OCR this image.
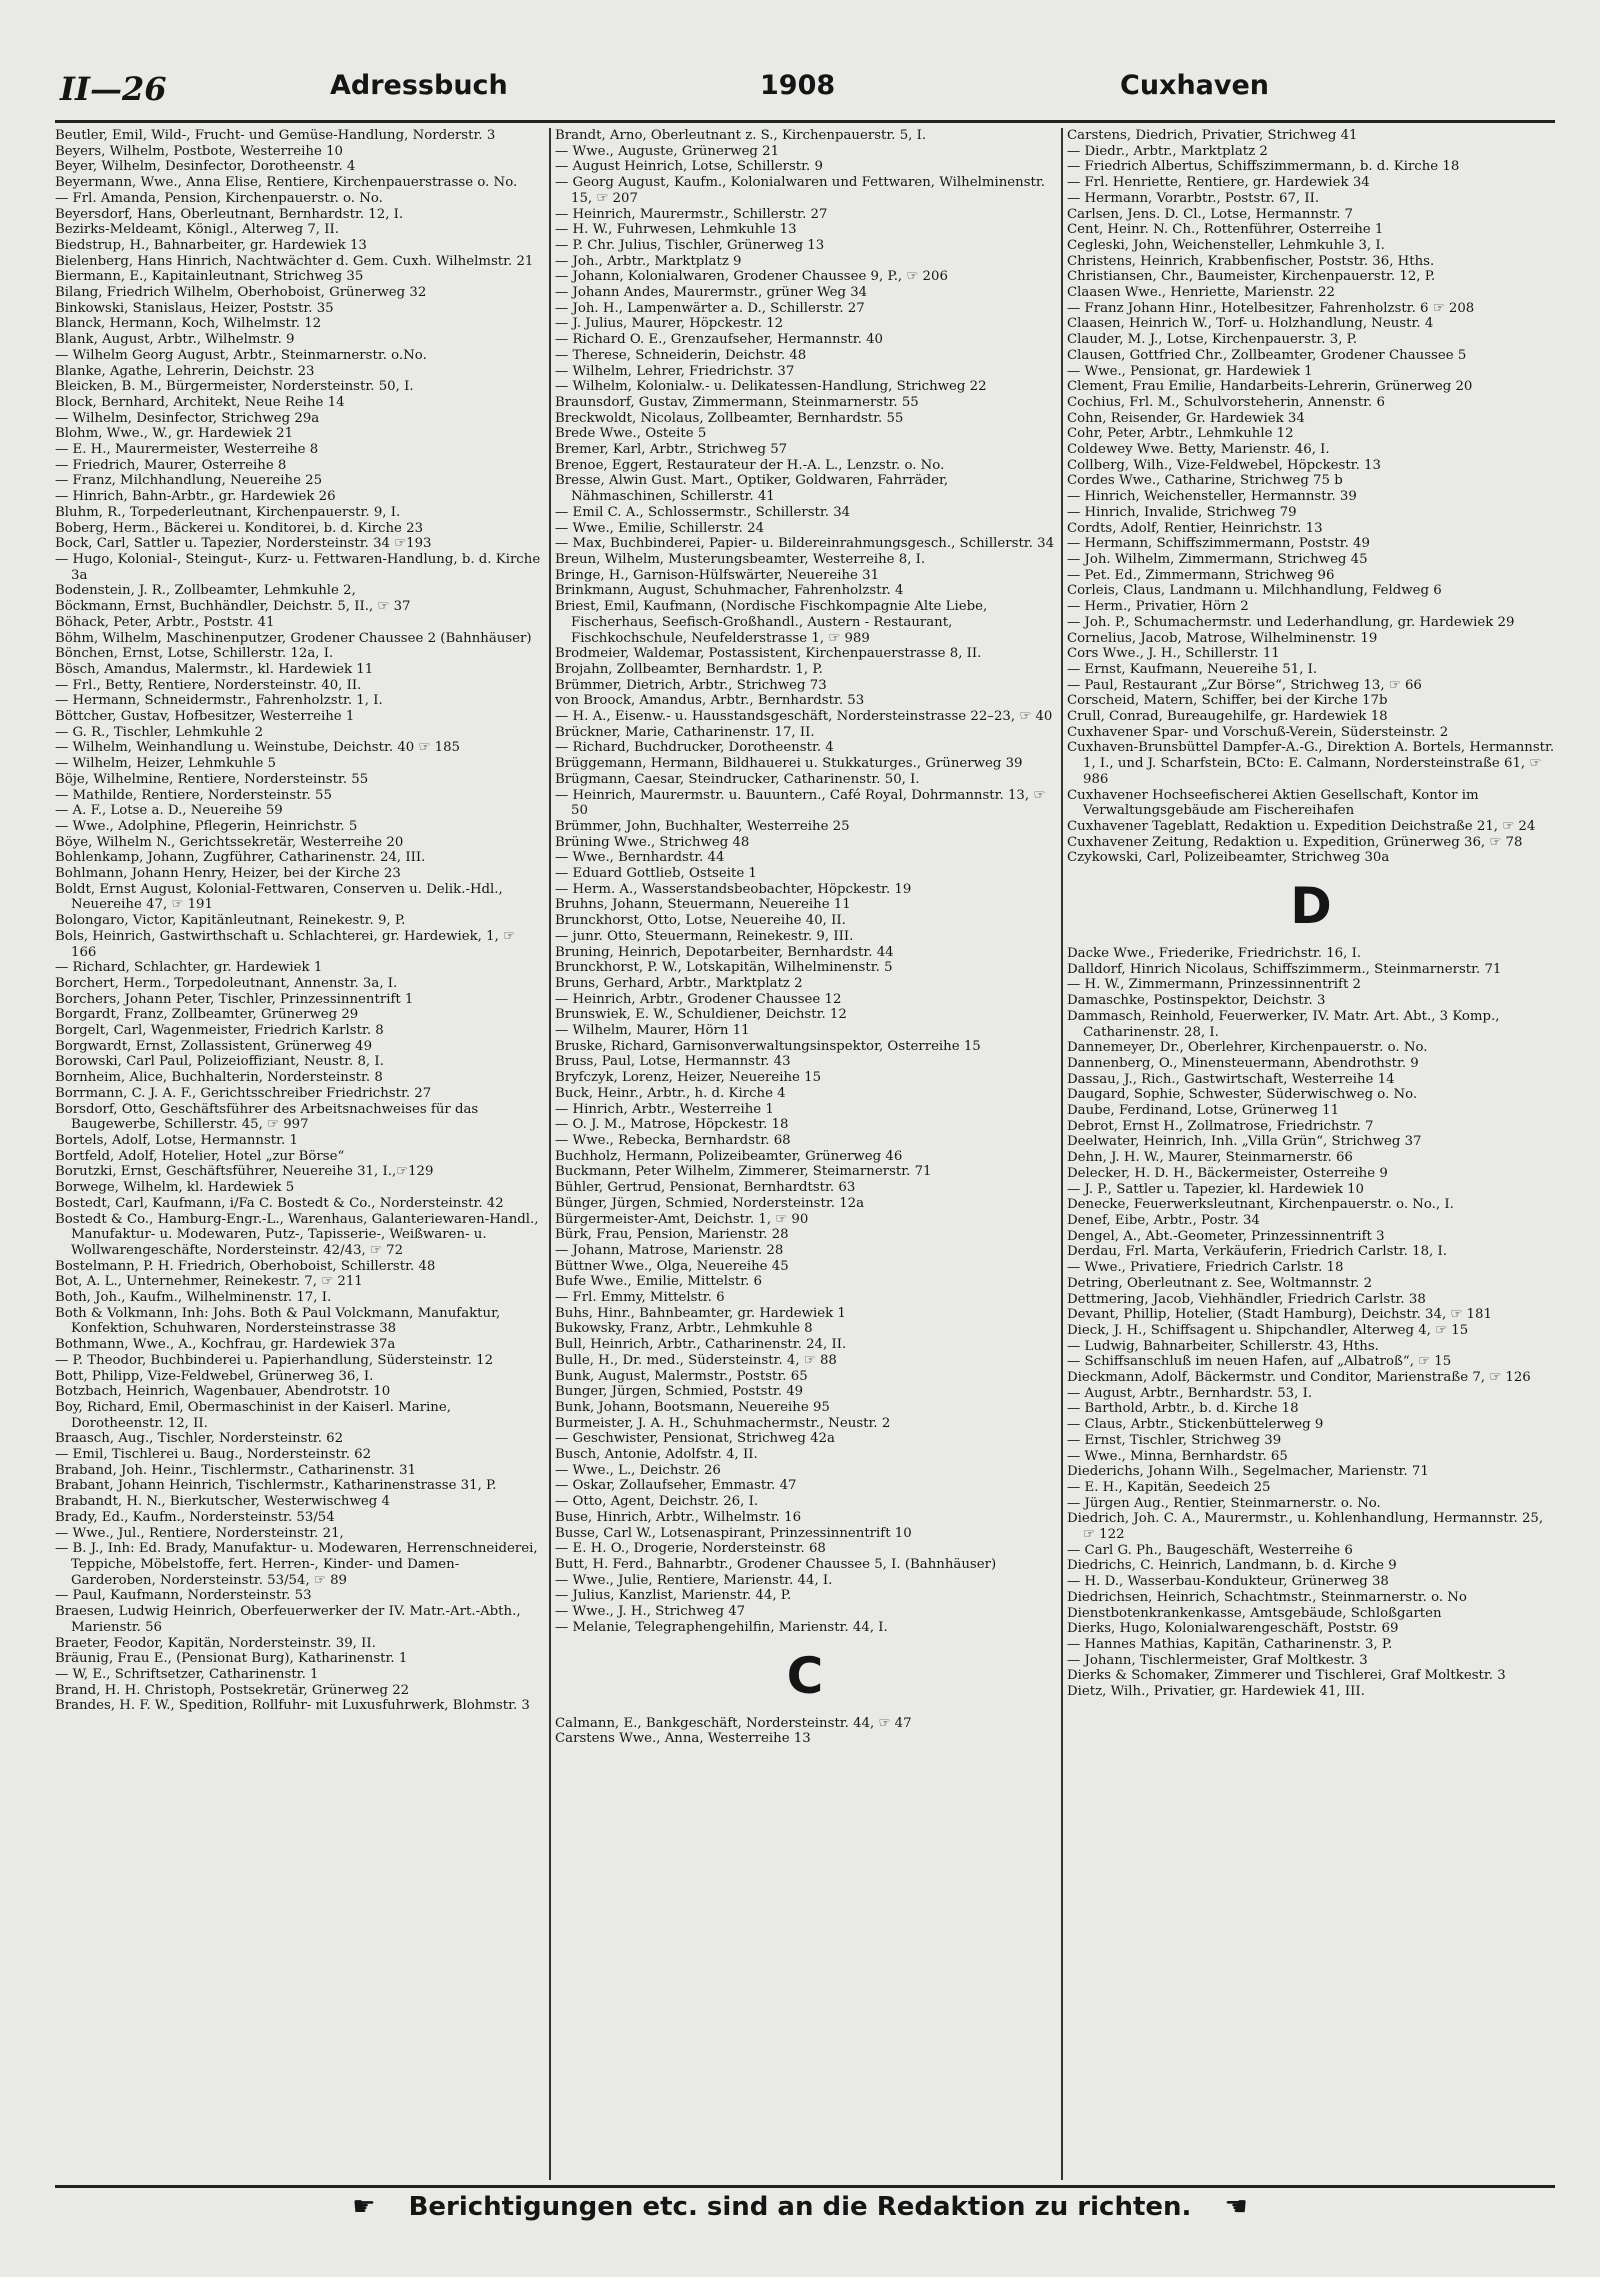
II—26	Adressbuch	1908	Cuxhaven

Beutler, Emil, Wild-, Frucht- und Gemüse-Handlung, Norderstr. 3

Beyers, Wilhelm, Postbote, Westerreihe 10

Beyer, Wilhelm, Desinfector, Dorotheenstr. 4

Beyermann, Wwe., Anna Elise, Rentiere, Kirchenpauerstrasse o. No.

— Frl. Amanda, Pension, Kirchenpauerstr. o. No.

Beyersdorf, Hans, Oberleutnant, Bernhardstr. 12, I.

Bezirks-Meldeamt, Königl., Alterweg 7, II.

Biedstrup, H., Bahnarbeiter, gr. Hardewiek 13

Bielenberg, Hans Hinrich, Nachtwächter d. Gem. Cuxh. Wilhelmstr. 21

Biermann, E., Kapitainleutnant, Strichweg 35

Bilang, Friedrich Wilhelm, Oberhoboist, Grünerweg 32

Binkowski, Stanislaus, Heizer, Poststr. 35

Blanck, Hermann, Koch, Wilhelmstr. 12

Blank, August, Arbtr., Wilhelmstr. 9

— Wilhelm Georg August, Arbtr., Steinmarnerstr. o.No.

Blanke, Agathe, Lehrerin, Deichstr. 23

Bleicken, B. M., Bürgermeister, Nordersteinstr. 50, I.

Block, Bernhard, Architekt, Neue Reihe 14

— Wilhelm, Desinfector, Strichweg 29a

Blohm, Wwe., W., gr. Hardewiek 21

— E. H., Maurermeister, Westerreihe 8

— Friedrich, Maurer, Osterreihe 8

— Franz, Milchhandlung, Neuereihe 25

— Hinrich, Bahn-Arbtr., gr. Hardewiek 26

Bluhm, R., Torpederleutnant, Kirchenpauerstr. 9, I.

Boberg, Herm., Bäckerei u. Konditorei, b. d. Kirche 23

Bock, Carl, Sattler u. Tapezier, Nordersteinstr. 34 ☞193

— Hugo, Kolonial-, Steingut-, Kurz- u. Fettwaren-Handlung, b. d. Kirche 3a

Bodenstein, J. R., Zollbeamter, Lehmkuhle 2,

Böckmann, Ernst, Buchhändler, Deichstr. 5, II., ☞ 37

Böhack, Peter, Arbtr., Poststr. 41

Böhm, Wilhelm, Maschinenputzer, Grodener Chaussee 2 (Bahnhäuser)

Bönchen, Ernst, Lotse, Schillerstr. 12a, I.

Bösch, Amandus, Malermstr., kl. Hardewiek 11

— Frl., Betty, Rentiere, Nordersteinstr. 40, II.

— Hermann, Schneidermstr., Fahrenholzstr. 1, I.

Böttcher, Gustav, Hofbesitzer, Westerreihe 1

— G. R., Tischler, Lehmkuhle 2

— Wilhelm, Weinhandlung u. Weinstube, Deichstr. 40 ☞ 185

— Wilhelm, Heizer, Lehmkuhle 5

Böje, Wilhelmine, Rentiere, Nordersteinstr. 55

— Mathilde, Rentiere, Nordersteinstr. 55

— A. F., Lotse a. D., Neuereihe 59

— Wwe., Adolphine, Pflegerin, Heinrichstr. 5

Böye, Wilhelm N., Gerichtssekretär, Westerreihe 20

Bohlenkamp, Johann, Zugführer, Catharinenstr. 24, III.

Bohlmann, Johann Henry, Heizer, bei der Kirche 23

Boldt, Ernst August, Kolonial-Fettwaren, Conserven u. Delik.-Hdl., Neuereihe 47, ☞ 191

Bolongaro, Victor, Kapitänleutnant, Reinekestr. 9, P.

Bols, Heinrich, Gastwirthschaft u. Schlachterei, gr. Hardewiek, 1, ☞ 166

— Richard, Schlachter, gr. Hardewiek 1

Borchert, Herm., Torpedoleutnant, Annenstr. 3a, I.

Borchers, Johann Peter, Tischler, Prinzessinnentrift 1

Borgardt, Franz, Zollbeamter, Grünerweg 29

Borgelt, Carl, Wagenmeister, Friedrich Karlstr. 8

Borgwardt, Ernst, Zollassistent, Grünerweg 49

Borowski, Carl Paul, Polizeioffiziant, Neustr. 8, I.

Bornheim, Alice, Buchhalterin, Nordersteinstr. 8

Borrmann, C. J. A. F., Gerichtsschreiber Friedrichstr. 27

Borsdorf, Otto, Geschäftsführer des Arbeitsnachweises für das Baugewerbe, Schillerstr. 45, ☞ 997

Bortels, Adolf, Lotse, Hermannstr. 1

Bortfeld, Adolf, Hotelier, Hotel „zur Börse“

Borutzki, Ernst, Geschäftsführer, Neuereihe 31, I.,☞129

Borwege, Wilhelm, kl. Hardewiek 5

Bostedt, Carl, Kaufmann, i/Fa C. Bostedt & Co., Nordersteinstr. 42

Bostedt & Co., Hamburg-Engr.-L., Warenhaus, Galanteriewaren-Handl., Manufaktur- u. Modewaren, Putz-, Tapisserie-, Weißwaren- u. Wollwarengeschäfte, Nordersteinstr. 42/43, ☞ 72

Bostelmann, P. H. Friedrich, Oberhoboist, Schillerstr. 48

Bot, A. L., Unternehmer, Reinekestr. 7, ☞ 211

Both, Joh., Kaufm., Wilhelminenstr. 17, I.

Both & Volkmann, Inh: Johs. Both & Paul Volckmann, Manufaktur, Konfektion, Schuhwaren, Nordersteinstrasse 38

Bothmann, Wwe., A., Kochfrau, gr. Hardewiek 37a

— P. Theodor, Buchbinderei u. Papierhandlung, Südersteinstr. 12

Bott, Philipp, Vize-Feldwebel, Grünerweg 36, I.

Botzbach, Heinrich, Wagenbauer, Abendrotstr. 10

Boy, Richard, Emil, Obermaschinist in der Kaiserl. Marine, Dorotheenstr. 12, II.

Braasch, Aug., Tischler, Nordersteinstr. 62

— Emil, Tischlerei u. Baug., Nordersteinstr. 62

Braband, Joh. Heinr., Tischlermstr., Catharinenstr. 31

Brabant, Johann Heinrich, Tischlermstr., Katharinenstrasse 31, P.

Brabandt, H. N., Bierkutscher, Westerwischweg 4

Brady, Ed., Kaufm., Nordersteinstr. 53/54

— Wwe., Jul., Rentiere, Nordersteinstr. 21,

— B. J., Inh: Ed. Brady, Manufaktur- u. Modewaren, Herrenschneiderei, Teppiche, Möbelstoffe, fert. Herren-, Kinder- und Damen-Garderoben, Nordersteinstr. 53/54, ☞ 89

— Paul, Kaufmann, Nordersteinstr. 53

Braesen, Ludwig Heinrich, Oberfeuerwerker der IV. Matr.-Art.-Abth., Marienstr. 56

Braeter, Feodor, Kapitän, Nordersteinstr. 39, II.

Bräunig, Frau E., (Pensionat Burg), Katharinenstr. 1

— W, E., Schriftsetzer, Catharinenstr. 1

Brand, H. H. Christoph, Postsekretär, Grünerweg 22

Brandes, H. F. W., Spedition, Rollfuhr- mit Luxusfuhrwerk, Blohmstr. 3

Brandt, Arno, Oberleutnant z. S., Kirchenpauerstr. 5, I.

— Wwe., Auguste, Grünerweg 21

— August Heinrich, Lotse, Schillerstr. 9

— Georg August, Kaufm., Kolonialwaren und Fettwaren, Wilhelminenstr. 15, ☞ 207

— Heinrich, Maurermstr., Schillerstr. 27

— H. W., Fuhrwesen, Lehmkuhle 13

— P. Chr. Julius, Tischler, Grünerweg 13

— Joh., Arbtr., Marktplatz 9

— Johann, Kolonialwaren, Grodener Chaussee 9, P., ☞ 206

— Johann Andes, Maurermstr., grüner Weg 34

— Joh. H., Lampenwärter a. D., Schillerstr. 27

— J. Julius, Maurer, Höpckestr. 12

— Richard O. E., Grenzaufseher, Hermannstr. 40

— Therese, Schneiderin, Deichstr. 48

— Wilhelm, Lehrer, Friedrichstr. 37

— Wilhelm, Kolonialw.- u. Delikatessen-Handlung, Strichweg 22

Braunsdorf, Gustav, Zimmermann, Steinmarnerstr. 55

Breckwoldt, Nicolaus, Zollbeamter, Bernhardstr. 55

Brede Wwe., Osteite 5

Bremer, Karl, Arbtr., Strichweg 57

Brenoe, Eggert, Restaurateur der H.-A. L., Lenzstr. o. No.

Bresse, Alwin Gust. Mart., Optiker, Goldwaren, Fahrräder, Nähmaschinen, Schillerstr. 41

— Emil C. A., Schlossermstr., Schillerstr. 34

— Wwe., Emilie, Schillerstr. 24

— Max, Buchbinderei, Papier- u. Bildereinrahmungsgesch., Schillerstr. 34

Breun, Wilhelm, Musterungsbeamter, Westerreihe 8, I.

Bringe, H., Garnison-Hülfswärter, Neuereihe 31

Brinkmann, August, Schuhmacher, Fahrenholzstr. 4

Briest, Emil, Kaufmann, (Nordische Fischkompagnie Alte Liebe, Fischerhaus, Seefisch-Großhandl., Austern - Restaurant, Fischkochschule, Neufelderstrasse 1, ☞ 989

Brodmeier, Waldemar, Postassistent, Kirchenpauerstrasse 8, II.

Brojahn, Zollbeamter, Bernhardstr. 1, P.

Brümmer, Dietrich, Arbtr., Strichweg 73

von Broock, Amandus, Arbtr., Bernhardstr. 53

— H. A., Eisenw.- u. Hausstandsgeschäft, Nordersteinstrasse 22–23, ☞ 40

Brückner, Marie, Catharinenstr. 17, II.

— Richard, Buchdrucker, Dorotheenstr. 4

Brüggemann, Hermann, Bildhauerei u. Stukkaturges., Grünerweg 39

Brügmann, Caesar, Steindrucker, Catharinenstr. 50, I.

— Heinrich, Maurermstr. u. Bauuntern., Café Royal, Dohrmannstr. 13, ☞ 50

Brümmer, John, Buchhalter, Westerreihe 25

Brüning Wwe., Strichweg 48

— Wwe., Bernhardstr. 44

— Eduard Gottlieb, Ostseite 1

— Herm. A., Wasserstandsbeobachter, Höpckestr. 19

Bruhns, Johann, Steuermann, Neuereihe 11

Brunckhorst, Otto, Lotse, Neuereihe 40, II.

— junr. Otto, Steuermann, Reinekestr. 9, III.

Bruning, Heinrich, Depotarbeiter, Bernhardstr. 44

Brunckhorst, P. W., Lotskapitän, Wilhelminenstr. 5

Bruns, Gerhard, Arbtr., Marktplatz 2

— Heinrich, Arbtr., Grodener Chaussee 12

Brunswiek, E. W., Schuldiener, Deichstr. 12

— Wilhelm, Maurer, Hörn 11

Bruske, Richard, Garnisonverwaltungsinspektor, Osterreihe 15

Bruss, Paul, Lotse, Hermannstr. 43

Bryfczyk, Lorenz, Heizer, Neuereihe 15

Buck, Heinr., Arbtr., h. d. Kirche 4

— Hinrich, Arbtr., Westerreihe 1

— O. J. M., Matrose, Höpckestr. 18

— Wwe., Rebecka, Bernhardstr. 68

Buchholz, Hermann, Polizeibeamter, Grünerweg 46

Buckmann, Peter Wilhelm, Zimmerer, Steimarnerstr. 71

Bühler, Gertrud, Pensionat, Bernhardtstr. 63

Bünger, Jürgen, Schmied, Nordersteinstr. 12a

Bürgermeister-Amt, Deichstr. 1, ☞ 90

Bürk, Frau, Pension, Marienstr. 28

— Johann, Matrose, Marienstr. 28

Büttner Wwe., Olga, Neuereihe 45

Bufe Wwe., Emilie, Mittelstr. 6

— Frl. Emmy, Mittelstr. 6

Buhs, Hinr., Bahnbeamter, gr. Hardewiek 1

Bukowsky, Franz, Arbtr., Lehmkuhle 8

Bull, Heinrich, Arbtr., Catharinenstr. 24, II.

Bulle, H., Dr. med., Südersteinstr. 4, ☞ 88

Bunk, August, Malermstr., Poststr. 65

Bunger, Jürgen, Schmied, Poststr. 49

Bunk, Johann, Bootsmann, Neuereihe 95

Burmeister, J. A. H., Schuhmachermstr., Neustr. 2

— Geschwister, Pensionat, Strichweg 42a

Busch, Antonie, Adolfstr. 4, II.

— Wwe., L., Deichstr. 26

— Oskar, Zollaufseher, Emmastr. 47

— Otto, Agent, Deichstr. 26, I.

Buse, Hinrich, Arbtr., Wilhelmstr. 16

Busse, Carl W., Lotsenaspirant, Prinzessinnentrift 10

— E. H. O., Drogerie, Nordersteinstr. 68

Butt, H. Ferd., Bahnarbtr., Grodener Chaussee 5, I. (Bahnhäuser)

— Wwe., Julie, Rentiere, Marienstr. 44, I.

— Julius, Kanzlist, Marienstr. 44, P.

— Wwe., J. H., Strichweg 47

— Melanie, Telegraphengehilfin, Marienstr. 44, I.

C

Calmann, E., Bankgeschäft, Nordersteinstr. 44, ☞ 47

Carstens Wwe., Anna, Westerreihe 13

Carstens, Diedrich, Privatier, Strichweg 41

— Diedr., Arbtr., Marktplatz 2

— Friedrich Albertus, Schiffszimmermann, b. d. Kirche 18

— Frl. Henriette, Rentiere, gr. Hardewiek 34

— Hermann, Vorarbtr., Poststr. 67, II.

Carlsen, Jens. D. Cl., Lotse, Hermannstr. 7

Cent, Heinr. N. Ch., Rottenführer, Osterreihe 1

Cegleski, John, Weichensteller, Lehmkuhle 3, I.

Christens, Heinrich, Krabbenfischer, Poststr. 36, Hths.

Christiansen, Chr., Baumeister, Kirchenpauerstr. 12, P.

Claasen Wwe., Henriette, Marienstr. 22

— Franz Johann Hinr., Hotelbesitzer, Fahrenholzstr. 6 ☞ 208

Claasen, Heinrich W., Torf- u. Holzhandlung, Neustr. 4

Clauder, M. J., Lotse, Kirchenpauerstr. 3, P.

Clausen, Gottfried Chr., Zollbeamter, Grodener Chaussee 5

— Wwe., Pensionat, gr. Hardewiek 1

Clement, Frau Emilie, Handarbeits-Lehrerin, Grünerweg 20

Cochius, Frl. M., Schulvorsteherin, Annenstr. 6

Cohn, Reisender, Gr. Hardewiek 34

Cohr, Peter, Arbtr., Lehmkuhle 12

Coldewey Wwe. Betty, Marienstr. 46, I.

Collberg, Wilh., Vize-Feldwebel, Höpckestr. 13

Cordes Wwe., Catharine, Strichweg 75 b

— Hinrich, Weichensteller, Hermannstr. 39

— Hinrich, Invalide, Strichweg 79

Cordts, Adolf, Rentier, Heinrichstr. 13

— Hermann, Schiffszimmermann, Poststr. 49

— Joh. Wilhelm, Zimmermann, Strichweg 45

— Pet. Ed., Zimmermann, Strichweg 96

Corleis, Claus, Landmann u. Milchhandlung, Feldweg 6

— Herm., Privatier, Hörn 2

— Joh. P., Schumachermstr. und Lederhandlung, gr. Hardewiek 29

Cornelius, Jacob, Matrose, Wilhelminenstr. 19

Cors Wwe., J. H., Schillerstr. 11

— Ernst, Kaufmann, Neuereihe 51, I.

— Paul, Restaurant „Zur Börse“, Strichweg 13, ☞ 66

Corscheid, Matern, Schiffer, bei der Kirche 17b

Crull, Conrad, Bureaugehilfe, gr. Hardewiek 18

Cuxhavener Spar- und Vorschuß-Verein, Südersteinstr. 2

Cuxhaven-Brunsbüttel Dampfer-A.-G., Direktion A. Bortels, Hermannstr. 1, I., und J. Scharfstein, BCto: E. Calmann, Nordersteinstraße 61, ☞ 986

Cuxhavener Hochseefischerei Aktien Gesellschaft, Kontor im Verwaltungsgebäude am Fischereihafen

Cuxhavener Tageblatt, Redaktion u. Expedition Deichstraße 21, ☞ 24

Cuxhavener Zeitung, Redaktion u. Expedition, Grünerweg 36, ☞ 78

Czykowski, Carl, Polizeibeamter, Strichweg 30a

D

Dacke Wwe., Friederike, Friedrichstr. 16, I.

Dalldorf, Hinrich Nicolaus, Schiffszimmerm., Steinmarnerstr. 71

— H. W., Zimmermann, Prinzessinnentrift 2

Damaschke, Postinspektor, Deichstr. 3

Dammasch, Reinhold, Feuerwerker, IV. Matr. Art. Abt., 3 Komp., Catharinenstr. 28, I.

Dannemeyer, Dr., Oberlehrer, Kirchenpauerstr. o. No.

Dannenberg, O., Minensteuermann, Abendrothstr. 9

Dassau, J., Rich., Gastwirtschaft, Westerreihe 14

Daugard, Sophie, Schwester, Süderwischweg o. No.

Daube, Ferdinand, Lotse, Grünerweg 11

Debrot, Ernst H., Zollmatrose, Friedrichstr. 7

Deelwater, Heinrich, Inh. „Villa Grün“, Strichweg 37

Dehn, J. H. W., Maurer, Steinmarnerstr. 66

Delecker, H. D. H., Bäckermeister, Osterreihe 9

— J. P., Sattler u. Tapezier, kl. Hardewiek 10

Denecke, Feuerwerksleutnant, Kirchenpauerstr. o. No., I.

Denef, Eibe, Arbtr., Postr. 34

Dengel, A., Abt.-Geometer, Prinzessinnentrift 3

Derdau, Frl. Marta, Verkäuferin, Friedrich Carlstr. 18, I.

— Wwe., Privatiere, Friedrich Carlstr. 18

Detring, Oberleutnant z. See, Woltmannstr. 2

Dettmering, Jacob, Viehhändler, Friedrich Carlstr. 38

Devant, Phillip, Hotelier, (Stadt Hamburg), Deichstr. 34, ☞ 181

Dieck, J. H., Schiffsagent u. Shipchandler, Alterweg 4, ☞ 15

— Ludwig, Bahnarbeiter, Schillerstr. 43, Hths.

— Schiffsanschluß im neuen Hafen, auf „Albatroß“, ☞ 15

Dieckmann, Adolf, Bäckermstr. und Conditor, Marienstraße 7, ☞ 126

— August, Arbtr., Bernhardstr. 53, I.

— Barthold, Arbtr., b. d. Kirche 18

— Claus, Arbtr., Stickenbüttelerweg 9

— Ernst, Tischler, Strichweg 39

— Wwe., Minna, Bernhardstr. 65

Diederichs, Johann Wilh., Segelmacher, Marienstr. 71

— E. H., Kapitän, Seedeich 25

— Jürgen Aug., Rentier, Steinmarnerstr. o. No.

Diedrich, Joh. C. A., Maurermstr., u. Kohlenhandlung, Hermannstr. 25, ☞ 122

— Carl G. Ph., Baugeschäft, Westerreihe 6

Diedrichs, C. Heinrich, Landmann, b. d. Kirche 9

— H. D., Wasserbau-Kondukteur, Grünerweg 38

Diedrichsen, Heinrich, Schachtmstr., Steinmarnerstr. o. No

Dienstbotenkrankenkasse, Amtsgebäude, Schloßgarten

Dierks, Hugo, Kolonialwarengeschäft, Poststr. 69

— Hannes Mathias, Kapitän, Catharinenstr. 3, P.

— Johann, Tischlermeister, Graf Moltkestr. 3

Dierks & Schomaker, Zimmerer und Tischlerei, Graf Moltkestr. 3

Dietz, Wilh., Privatier, gr. Hardewiek 41, III.

☛ Berichtigungen etc. sind an die Redaktion zu richten. ☚
